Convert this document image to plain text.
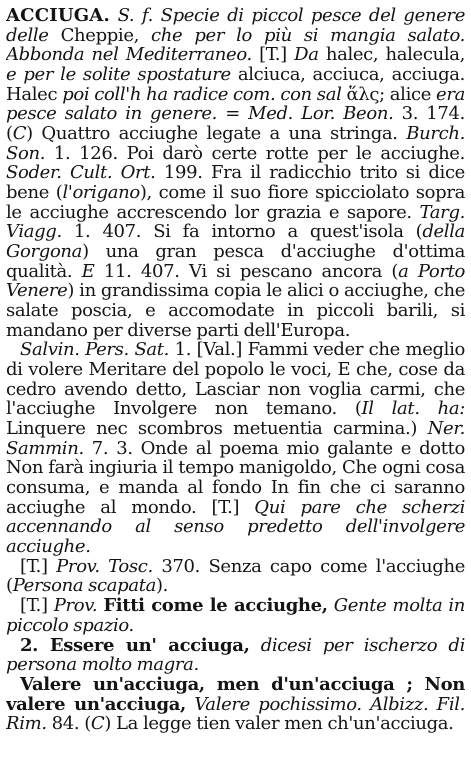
ACCIUGA. S. f. Specie di piccol pesce del genere delle Cheppie, che per lo più si mangia salato. Abbonda nel Mediterraneo. [T.] Da halec, halecula, e per le solite spostature alciuca, acciuca, acciuga. Halec poi coll'h ha radice com. con sal ἅλς; alice era pesce salato in genere. = Med. Lor. Beon. 3. 174. (C) Quattro acciughe legate a una stringa. Burch. Son. 1. 126. Poi darò certe rotte per le acciughe. Soder. Cult. Ort. 199. Fra il radicchio trito si dice bene (l'origano), come il suo fiore spicciolato sopra le acciughe accrescendo lor grazia e sapore. Targ. Viagg. 1. 407. Si fa intorno a quest'isola (della Gorgona) una gran pesca d'acciughe d'ottima qualità. E 11. 407. Vi si pescano ancora (a Porto Venere) in grandissima copia le alici o acciughe, che salate poscia, e accomodate in piccoli barili, si mandano per diverse parti dell'Europa.

Salvin. Pers. Sat. 1. [Val.] Fammi veder che meglio di volere Meritare del popolo le voci, E che, cose da cedro avendo detto, Lasciar non voglia carmi, che l'acciughe Involgere non temano. (Il lat. ha: Linquere nec scombros metuentia carmina.) Ner. Sammin. 7. 3. Onde al poema mio galante e dotto Non farà ingiuria il tempo manigoldo, Che ogni cosa consuma, e manda al fondo In fin che ci saranno acciughe al mondo. [T.] Qui pare che scherzi accennando al senso predetto dell'involgere acciughe.

[T.] Prov. Tosc. 370. Senza capo come l'acciughe (Persona scapata).

[T.] Prov. Fitti come le acciughe, Gente molta in piccolo spazio.

2. Essere un' acciuga, dicesi per ischerzo di persona molto magra.

Valere un'acciuga, men d'un'acciuga ; Non valere un'acciuga, Valere pochissimo. Albizz. Fil. Rim. 84. (C) La legge tien valer men ch'un'acciuga.
